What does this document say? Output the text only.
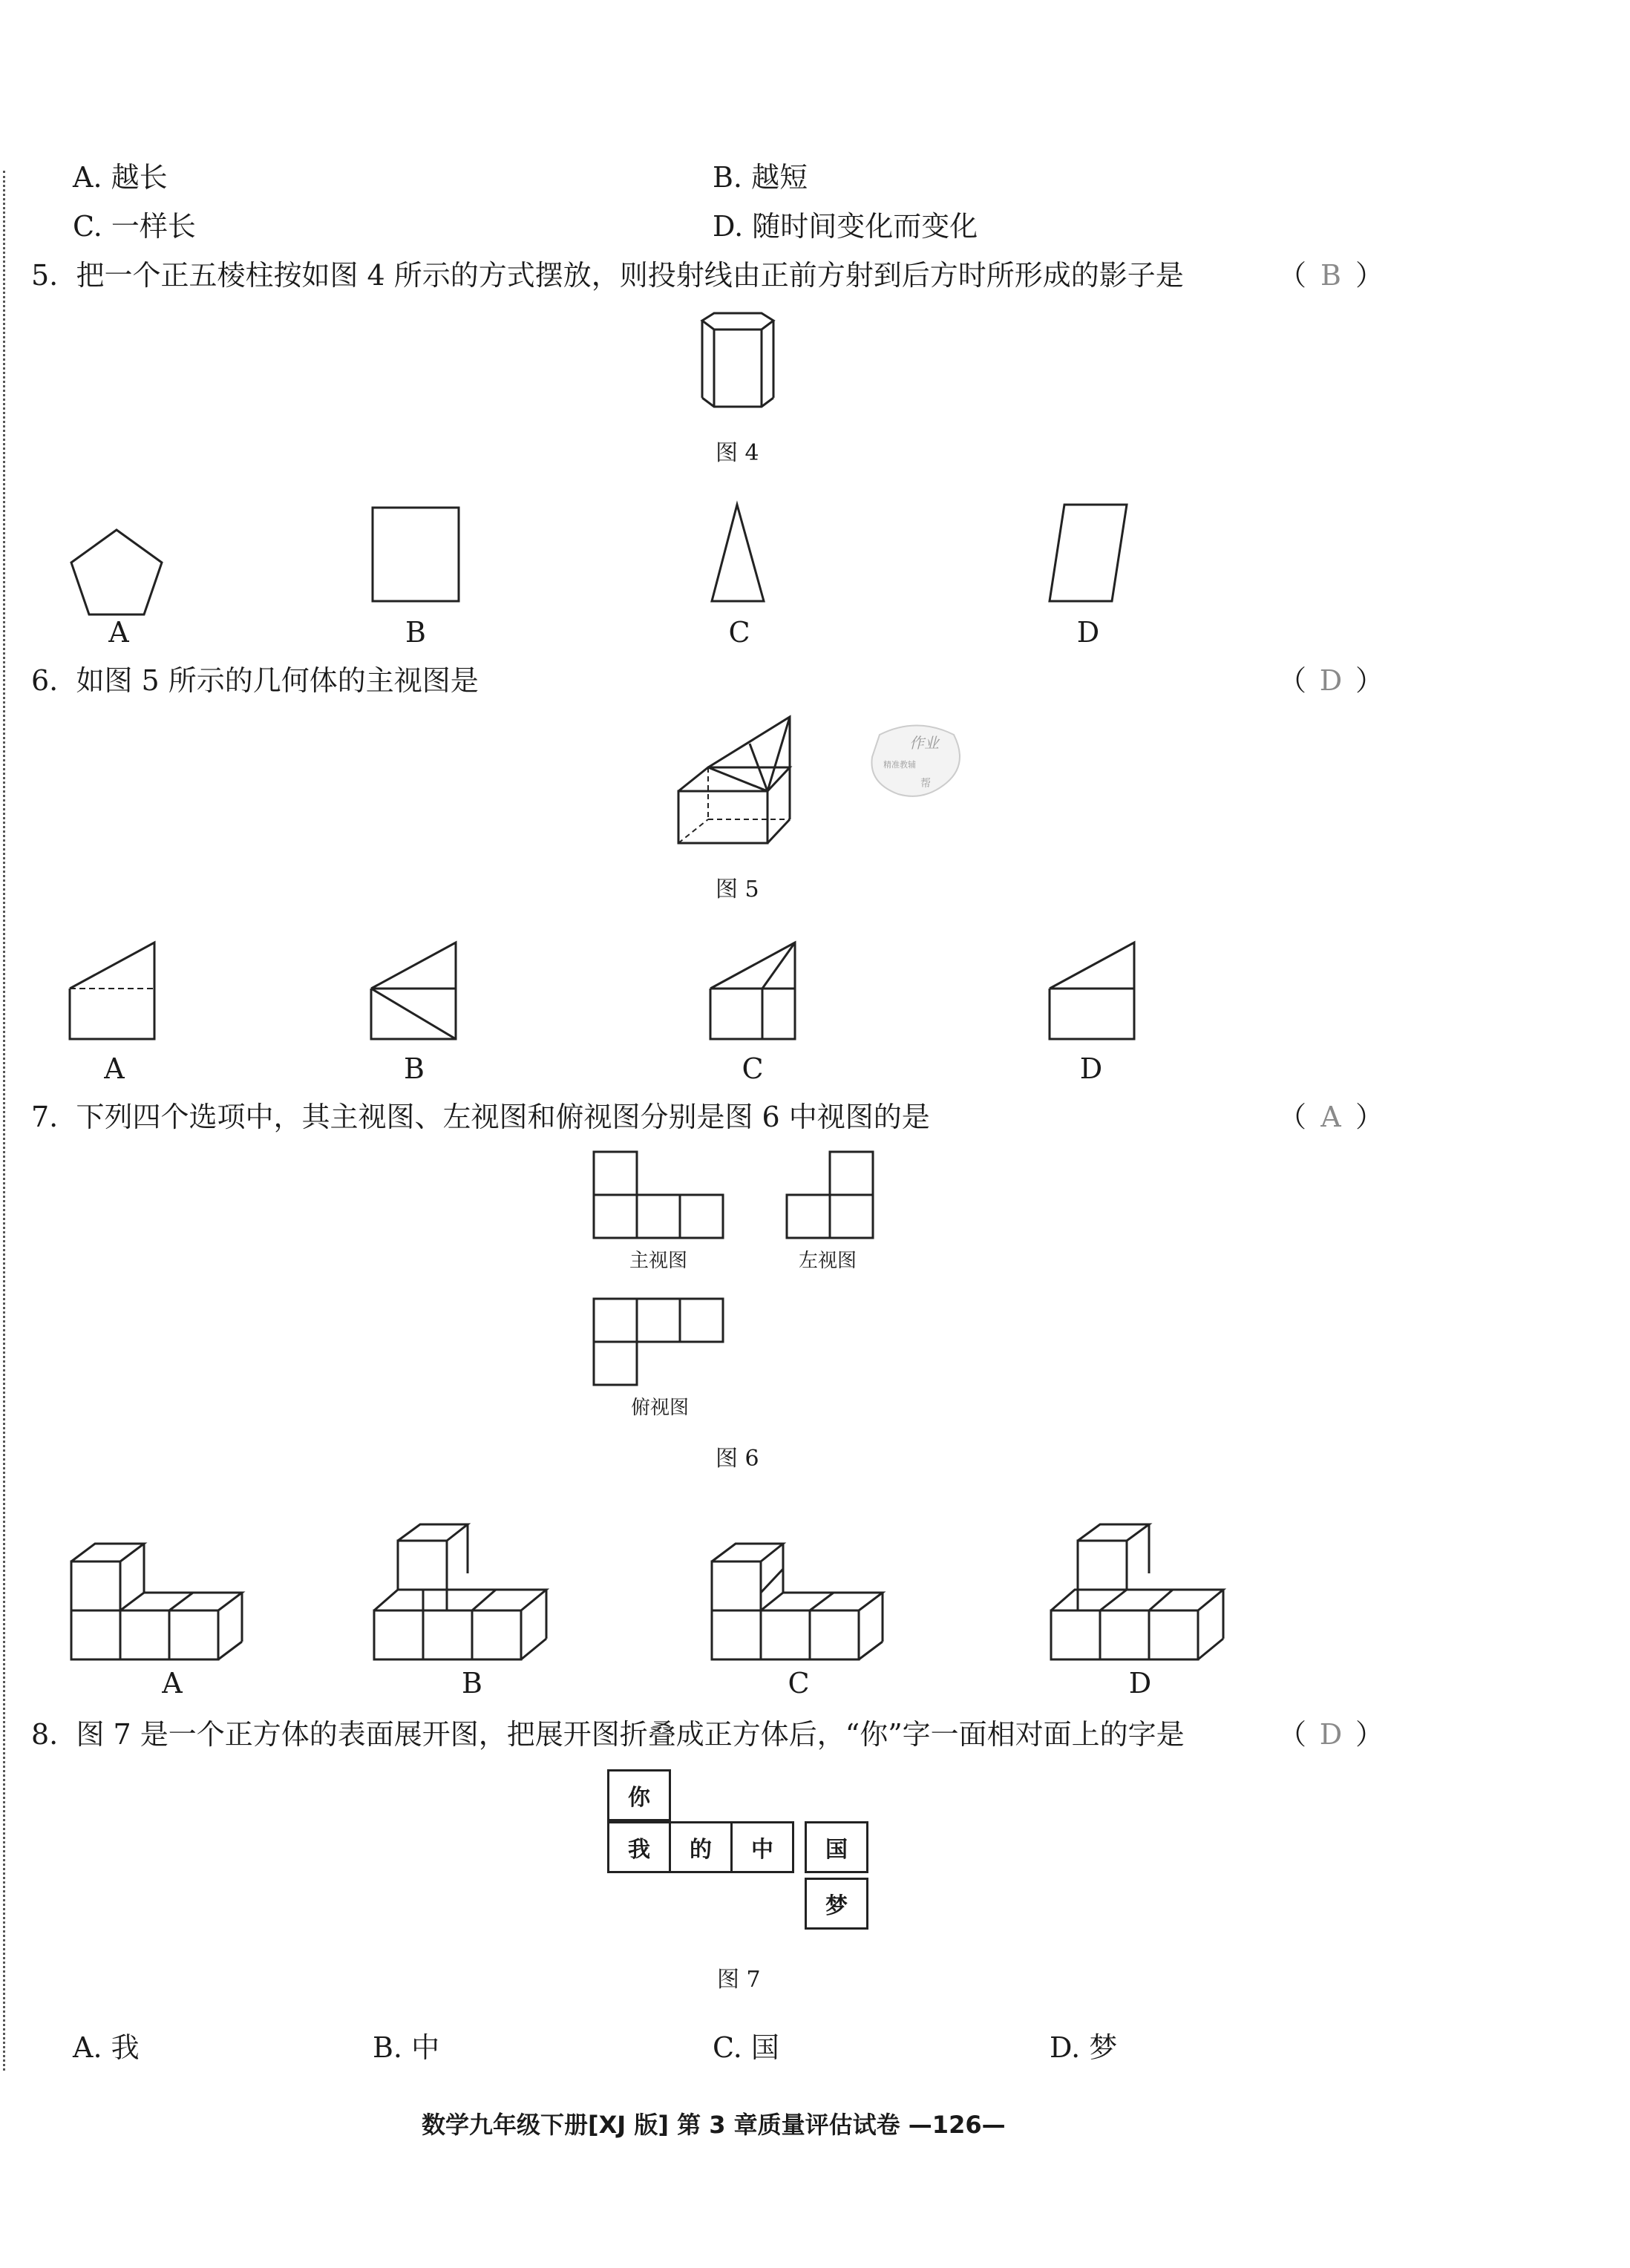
A. 越长	B. 越短
C. 一样长	D. 随时间变化而变化
5. 把一个正五棱柱按如图 4 所示的方式摆放，则投射线由正前方射到后方时所形成的影子是	（ B ）
图 4
A	B	C	D
6. 如图 5 所示的几何体的主视图是	（ D ）
作业
精准教辅
帮
图 5
A	B	C	D
7. 下列四个选项中，其主视图、左视图和俯视图分别是图 6 中视图的是	（ A ）
主视图	左视图
俯视图
图 6
A	B	C	D
8. 图 7 是一个正方体的表面展开图，把展开图折叠成正方体后，“你”字一面相对面上的字是	（ D ）
你
我	的	中	国
梦
图 7
A. 我	B. 中	C. 国	D. 梦
数学九年级下册[XJ 版] 第 3 章质量评估试卷 —126—
